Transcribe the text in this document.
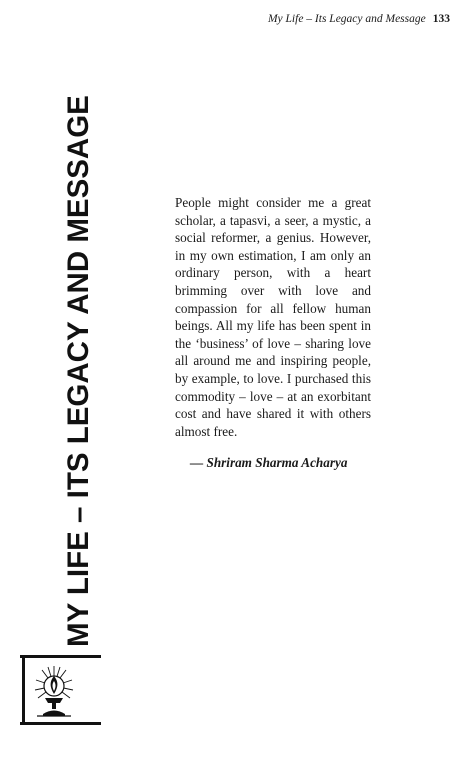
My Life – Its Legacy and Message 133
MY LIFE – ITS LEGACY AND MESSAGE	People might consider me a great scholar, a tapasvi, a seer, a mystic, a social reformer, a genius. However, in my own estimation, I am only an ordinary person, with a heart brimming over with love and compassion for all fellow human beings. All my life has been spent in the ‘business’ of love – sharing love all around me and inspiring people, by example, to love. I purchased this commodity – love – at an exorbitant cost and have shared it with others almost free.

— Shriram Sharma Acharya
